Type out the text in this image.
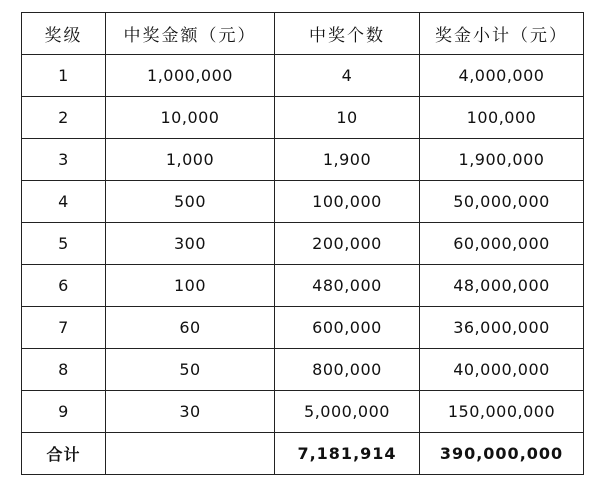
奖级	中奖金额（元）	中奖个数	奖金小计（元）
1	1,000,000	4	4,000,000
2	10,000	10	100,000
3	1,000	1,900	1,900,000
4	500	100,000	50,000,000
5	300	200,000	60,000,000
6	100	480,000	48,000,000
7	60	600,000	36,000,000
8	50	800,000	40,000,000
9	30	5,000,000	150,000,000
合计		7,181,914	390,000,000
